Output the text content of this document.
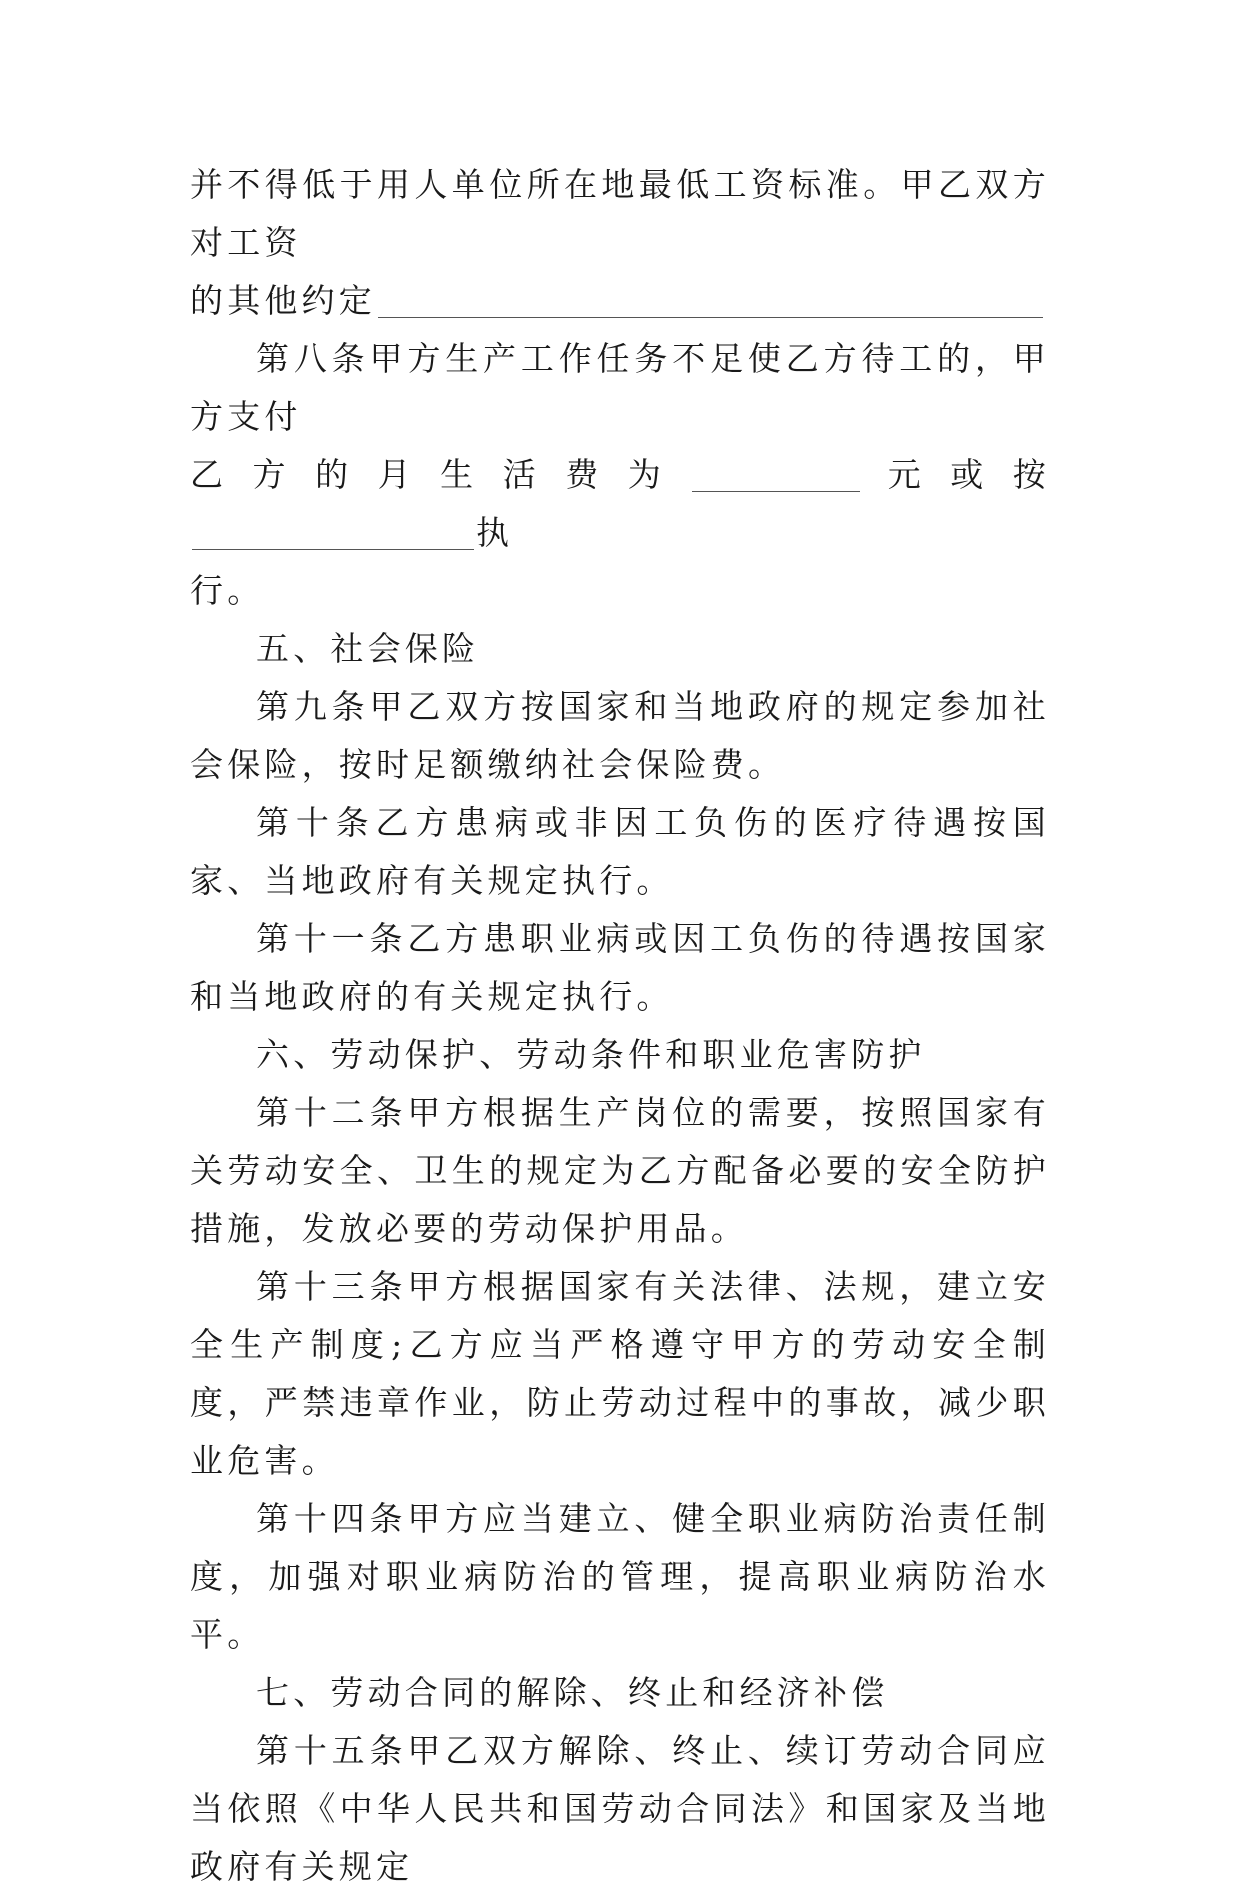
并不得低于用人单位所在地最低工资标准。甲乙双方对工资

的其他约定

第八条甲方生产工作任务不足使乙方待工的，甲方支付

乙方的月生活费为	元或按执

行。

五、社会保险

第九条甲乙双方按国家和当地政府的规定参加社会保险，按时足额缴纳社会保险费。

第十条乙方患病或非因工负伤的医疗待遇按国家、当地政府有关规定执行。

第十一条乙方患职业病或因工负伤的待遇按国家和当地政府的有关规定执行。

六、劳动保护、劳动条件和职业危害防护

第十二条甲方根据生产岗位的需要，按照国家有关劳动安全、卫生的规定为乙方配备必要的安全防护措施，发放必要的劳动保护用品。

第十三条甲方根据国家有关法律、法规，建立安全生产制度;乙方应当严格遵守甲方的劳动安全制度，严禁违章作业，防止劳动过程中的事故，减少职业危害。

第十四条甲方应当建立、健全职业病防治责任制度，加强对职业病防治的管理，提高职业病防治水平。

七、劳动合同的解除、终止和经济补偿

第十五条甲乙双方解除、终止、续订劳动合同应当依照《中华人民共和国劳动合同法》和国家及当地政府有关规定
